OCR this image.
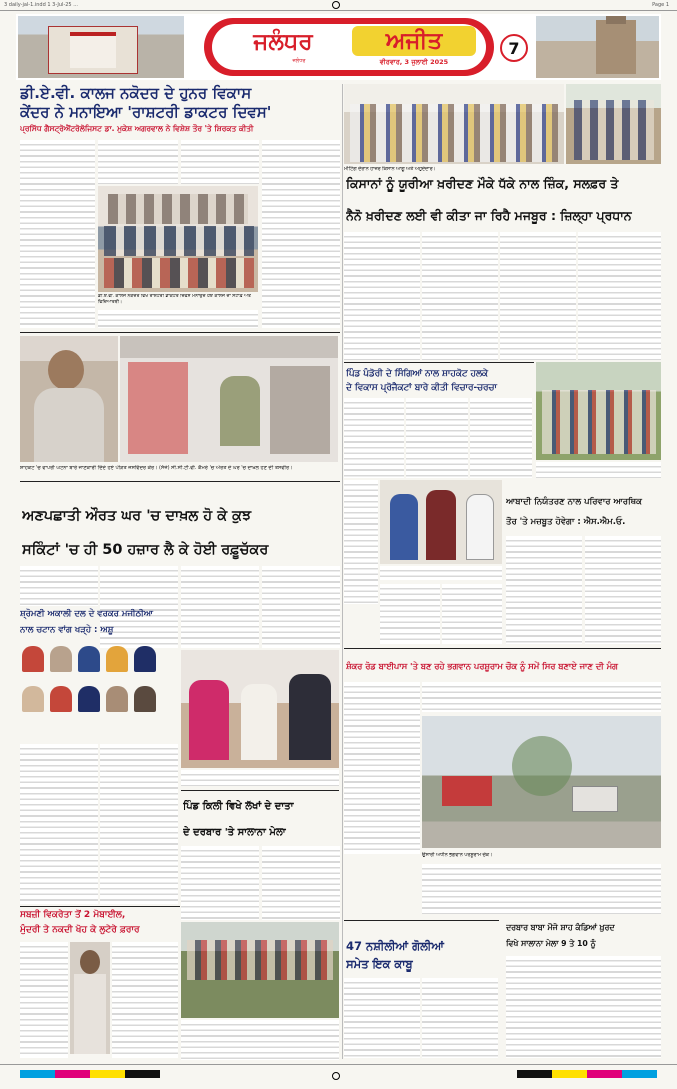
3 daily-jal-1.indd 1 3-Jul-25 ...	Page 1
ਜਲੰਧਰ	ਅਜੀਤ
ਜਲੰਧਰ	ਵੀਰਵਾਰ, 3 ਜੁਲਾਈ 2025
7
ਡੀ.ਏ.ਵੀ. ਕਾਲਜ ਨਕੋਦਰ ਦੇ ਹੁਨਰ ਵਿਕਾਸ
ਕੇਂਦਰ ਨੇ ਮਨਾਇਆ 'ਰਾਸ਼ਟਰੀ ਡਾਕਟਰ ਦਿਵਸ'
ਪ੍ਰਸਿੱਧ ਗੈਸਟ੍ਰੋਐਂਟਰੋਲੋਜਿਸਟ ਡਾ. ਮੁਕੇਸ਼ ਅਗਰਵਾਲ ਨੇ ਵਿਸ਼ੇਸ਼ ਤੌਰ 'ਤੇ ਸ਼ਿਰਕਤ ਕੀਤੀ
ਡੀ.ਏ.ਵੀ. ਕਾਲਜ ਨਕੋਦਰ ਵਿਖੇ ਰਾਸ਼ਟਰੀ ਡਾਕਟਰ ਦਿਵਸ ਮਨਾਉਂਦੇ ਹੋਏ ਕਾਲਜ ਦਾ ਸਟਾਫ਼ ਅਤੇ ਵਿਦਿਆਰਥੀ।
ਸ਼ਾਹਕੋਟ 'ਚ ਵਾਪਰੀ ਘਟਨਾ ਬਾਰੇ ਜਾਣਕਾਰੀ ਦਿੰਦੇ ਹੋਏ ਪੀੜਤ ਜਸਵਿੰਦਰ ਕੌਰ। (ਸੱਜੇ) ਸੀ.ਸੀ.ਟੀ.ਵੀ. ਕੈਮਰੇ 'ਚ ਔਰਤ ਦੇ ਘਰ 'ਚ ਦਾਖ਼ਲ ਹੋਣ ਦੀ ਤਸਵੀਰ।
ਅਣਪਛਾਤੀ ਔਰਤ ਘਰ 'ਚ ਦਾਖ਼ਲ ਹੋ ਕੇ ਕੁਝ
ਸਕਿੰਟਾਂ 'ਚ ਹੀ 50 ਹਜ਼ਾਰ ਲੈ ਕੇ ਹੋਈ ਰਫ਼ੂਚੱਕਰ
ਸ਼੍ਰੋਮਣੀ ਅਕਾਲੀ ਦਲ ਦੇ ਵਰਕਰ ਮਜੀਠੀਆ
ਨਾਲ ਚਟਾਨ ਵਾਂਗ ਖੜ੍ਹੇ : ਅਸ਼ੂ
ਸਬਜ਼ੀ ਵਿਕਰੇਤਾ ਤੋਂ 2 ਮੋਬਾਈਲ,
ਮੁੰਦਰੀ ਤੇ ਨਕਦੀ ਖੋਹ ਕੇ ਲੁਟੇਰੇ ਫ਼ਰਾਰ
ਪਿੰਡ ਕਿਲੀ ਵਿਖੇ ਲੱਖਾਂ ਦੇ ਦਾਤਾ
ਦੇ ਦਰਬਾਰ 'ਤੇ ਸਾਲਾਨਾ ਮੇਲਾ
ਮੀਟਿੰਗ ਦੌਰਾਨ ਹਾਜ਼ਰ ਕਿਸਾਨ ਆਗੂ ਅਤੇ ਅਹੁਦੇਦਾਰ।
ਕਿਸਾਨਾਂ ਨੂੰ ਯੂਰੀਆ ਖ਼ਰੀਦਣ ਮੌਕੇ ਧੱਕੇ ਨਾਲ ਜ਼ਿੰਕ, ਸਲਫ਼ਰ ਤੇ
ਨੈਨੋ ਖ਼ਰੀਦਣ ਲਈ ਵੀ ਕੀਤਾ ਜਾ ਰਿਹੈ ਮਜਬੂਰ : ਜ਼ਿਲ੍ਹਾ ਪ੍ਰਧਾਨ
ਪਿੰਡ ਪੰਡੋਰੀ ਦੇ ਸਿੰਗਿਆਂ ਨਾਲ ਸ਼ਾਹਕੋਟ ਹਲਕੇ
ਦੇ ਵਿਕਾਸ ਪ੍ਰੋਜੈਕਟਾਂ ਬਾਰੇ ਕੀਤੀ ਵਿਚਾਰ-ਚਰਚਾ
ਆਬਾਦੀ ਨਿਯੰਤਰਣ ਨਾਲ ਪਰਿਵਾਰ ਆਰਥਿਕ
ਤੌਰ 'ਤੇ ਮਜ਼ਬੂਤ ਹੋਵੇਗਾ : ਐਸ.ਐਮ.ਓ.
ਸ਼ੰਕਰ ਰੋਡ ਬਾਈਪਾਸ 'ਤੇ ਬਣ ਰਹੇ ਭਗਵਾਨ ਪਰਸ਼ੂਰਾਮ ਚੌਕ ਨੂੰ ਸਮੇਂ ਸਿਰ ਬਣਾਏ ਜਾਣ ਦੀ ਮੰਗ
ਉਸਾਰੀ ਅਧੀਨ ਭਗਵਾਨ ਪਰਸ਼ੂਰਾਮ ਚੌਕ।
47 ਨਸ਼ੀਲੀਆਂ ਗੋਲੀਆਂ
ਸਮੇਤ ਇਕ ਕਾਬੂ
ਦਰਬਾਰ ਬਾਬਾ ਮੌਜੋ ਸ਼ਾਹ ਕੰਡਿਆਂ ਖ਼ੁਰਦ
ਵਿਖੇ ਸਾਲਾਨਾ ਮੇਲਾ 9 ਤੇ 10 ਨੂੰ
